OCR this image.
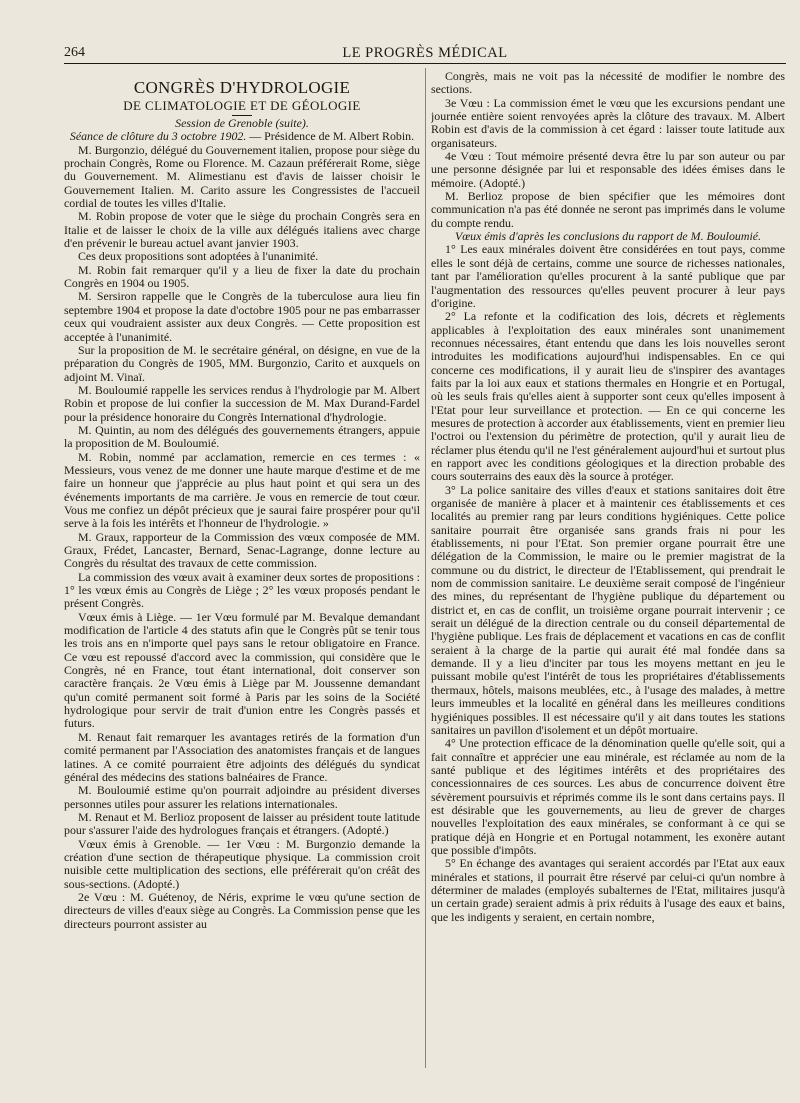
264	LE PROGRÈS MÉDICAL
CONGRÈS D'HYDROLOGIE
DE CLIMATOLOGIE ET DE GÉOLOGIE

Session de Grenoble (suite).

Séance de clôture du 3 octobre 1902. — Présidence de M. Albert Robin.

M. Burgonzio, délégué du Gouvernement italien, propose pour siège du prochain Congrès, Rome ou Florence. M. Cazaun préférerait Rome, siège du Gouvernement. M. Alimestianu est d'avis de laisser choisir le Gouvernement Italien. M. Carito assure les Congressistes de l'accueil cordial de toutes les villes d'Italie.

M. Robin propose de voter que le siège du prochain Congrès sera en Italie et de laisser le choix de la ville aux délégués italiens avec charge d'en prévenir le bureau actuel avant janvier 1903.

Ces deux propositions sont adoptées à l'unanimité.

M. Robin fait remarquer qu'il y a lieu de fixer la date du prochain Congrès en 1904 ou 1905.

M. Sersiron rappelle que le Congrès de la tuberculose aura lieu fin septembre 1904 et propose la date d'octobre 1905 pour ne pas embarrasser ceux qui voudraient assister aux deux Congrès. — Cette proposition est acceptée à l'unanimité.

Sur la proposition de M. le secrétaire général, on désigne, en vue de la préparation du Congrès de 1905, MM. Burgonzio, Carito et auxquels on adjoint M. Vinaï.

M. Bouloumié rappelle les services rendus à l'hydrologie par M. Albert Robin et propose de lui confier la succession de M. Max Durand-Fardel pour la présidence honoraire du Congrès International d'hydrologie.

M. Quintin, au nom des délégués des gouvernements étrangers, appuie la proposition de M. Bouloumié.

M. Robin, nommé par acclamation, remercie en ces termes : « Messieurs, vous venez de me donner une haute marque d'estime et de me faire un honneur que j'apprécie au plus haut point et qui sera un des événements importants de ma carrière. Je vous en remercie de tout cœur. Vous me confiez un dépôt précieux que je saurai faire prospérer pour qu'il serve à la fois les intérêts et l'honneur de l'hydrologie. »

M. Graux, rapporteur de la Commission des vœux composée de MM. Graux, Frédet, Lancaster, Bernard, Senac-Lagrange, donne lecture au Congrès du résultat des travaux de cette commission.

La commission des vœux avait à examiner deux sortes de propositions : 1° les vœux émis au Congrès de Liège ; 2° les vœux proposés pendant le présent Congrès.

Vœux émis à Liège. — 1er Vœu formulé par M. Bevalque demandant modification de l'article 4 des statuts afin que le Congrès pût se tenir tous les trois ans en n'importe quel pays sans le retour obligatoire en France. Ce vœu est repoussé d'accord avec la commission, qui considère que le Congrès, né en France, tout étant international, doit conserver son caractère français. 2e Vœu émis à Liège par M. Joussenne demandant qu'un comité permanent soit formé à Paris par les soins de la Société hydrologique pour servir de trait d'union entre les Congrès passés et futurs.

M. Renaut fait remarquer les avantages retirés de la formation d'un comité permanent par l'Association des anatomistes français et de langues latines. A ce comité pourraient être adjoints des délégués du syndicat général des médecins des stations balnéaires de France.

M. Bouloumié estime qu'on pourrait adjoindre au président diverses personnes utiles pour assurer les relations internationales.

M. Renaut et M. Berlioz proposent de laisser au président toute latitude pour s'assurer l'aide des hydrologues français et étrangers. (Adopté.)

Vœux émis à Grenoble. — 1er Vœu : M. Burgonzio demande la création d'une section de thérapeutique physique. La commission croit nuisible cette multiplication des sections, elle préférerait qu'on créât des sous-sections. (Adopté.)

2e Vœu : M. Guétenoy, de Néris, exprime le vœu qu'une section de directeurs de villes d'eaux siège au Congrès. La Commission pense que les directeurs pourront assister au

Congrès, mais ne voit pas la nécessité de modifier le nombre des sections.

3e Vœu : La commission émet le vœu que les excursions pendant une journée entière soient renvoyées après la clôture des travaux. M. Albert Robin est d'avis de la commission à cet égard : laisser toute latitude aux organisateurs.

4e Vœu : Tout mémoire présenté devra être lu par son auteur ou par une personne désignée par lui et responsable des idées émises dans le mémoire. (Adopté.)

M. Berlioz propose de bien spécifier que les mémoires dont communication n'a pas été donnée ne seront pas imprimés dans le volume du compte rendu.

Vœux émis d'après les conclusions du rapport de M. Bouloumié.

1° Les eaux minérales doivent être considérées en tout pays, comme elles le sont déjà de certains, comme une source de richesses nationales, tant par l'amélioration qu'elles procurent à la santé publique que par l'augmentation des ressources qu'elles peuvent procurer à leur pays d'origine.

2° La refonte et la codification des lois, décrets et règlements applicables à l'exploitation des eaux minérales sont unanimement reconnues nécessaires, étant entendu que dans les lois nouvelles seront introduites les modifications aujourd'hui indispensables. En ce qui concerne ces modifications, il y aurait lieu de s'inspirer des avantages faits par la loi aux eaux et stations thermales en Hongrie et en Portugal, où les seuls frais qu'elles aient à supporter sont ceux qu'elles imposent à l'Etat pour leur surveillance et protection. — En ce qui concerne les mesures de protection à accorder aux établissements, vient en premier lieu l'octroi ou l'extension du périmètre de protection, qu'il y aurait lieu de réclamer plus étendu qu'il ne l'est généralement aujourd'hui et surtout plus en rapport avec les conditions géologiques et la direction probable des cours souterrains des eaux dès la source à protéger.

3° La police sanitaire des villes d'eaux et stations sanitaires doit être organisée de manière à placer et à maintenir ces établissements et ces localités au premier rang par leurs conditions hygiéniques. Cette police sanitaire pourrait être organisée sans grands frais ni pour les établissements, ni pour l'Etat. Son premier organe pourrait être une délégation de la Commission, le maire ou le premier magistrat de la commune ou du district, le directeur de l'Etablissement, qui prendrait le nom de commission sanitaire. Le deuxième serait composé de l'ingénieur des mines, du représentant de l'hygiène publique du département ou district et, en cas de conflit, un troisième organe pourrait intervenir ; ce serait un délégué de la direction centrale ou du conseil départemental de l'hygiène publique. Les frais de déplacement et vacations en cas de conflit seraient à la charge de la partie qui aurait été mal fondée dans sa demande. Il y a lieu d'inciter par tous les moyens mettant en jeu le puissant mobile qu'est l'intérêt de tous les propriétaires d'établissements thermaux, hôtels, maisons meublées, etc., à l'usage des malades, à mettre leurs immeubles et la localité en général dans les meilleures conditions hygiéniques possibles. Il est nécessaire qu'il y ait dans toutes les stations sanitaires un pavillon d'isolement et un dépôt mortuaire.

4° Une protection efficace de la dénomination quelle qu'elle soit, qui a fait connaître et apprécier une eau minérale, est réclamée au nom de la santé publique et des légitimes intérêts et des propriétaires des concessionnaires de ces sources. Les abus de concurrence doivent être sévèrement poursuivis et réprimés comme ils le sont dans certains pays. Il est désirable que les gouvernements, au lieu de grever de charges nouvelles l'exploitation des eaux minérales, se conformant à ce qui se pratique déjà en Hongrie et en Portugal notamment, les exonère autant que possible d'impôts.

5° En échange des avantages qui seraient accordés par l'Etat aux eaux minérales et stations, il pourrait être réservé par celui-ci qu'un nombre à déterminer de malades (employés subalternes de l'Etat, militaires jusqu'à un certain grade) seraient admis à prix réduits à l'usage des eaux et bains, que les indigents y seraient, en certain nombre,
